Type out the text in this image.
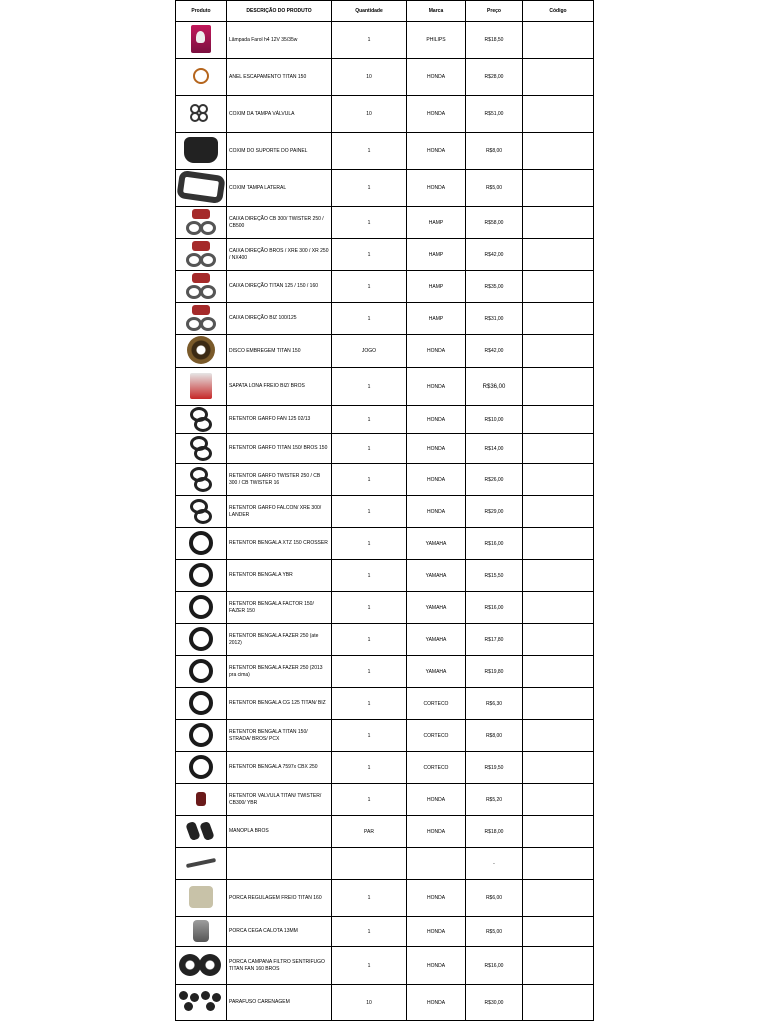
Produto	DESCRIÇÃO DO PRODUTO	Quantidade	Marca	Preço	Código
	Lâmpada Farol h4 12V 35/35w	1	PHILIPS	R$18,50	
	ANEL ESCAPAMENTO TITAN 150	10	HONDA	R$28,00	

	COXIM DA TAMPA VÁLVULA	10	HONDA	R$51,00	
	COXIM DO SUPORTE DO PAINEL	1	HONDA	R$8,00	
	COXIM TAMPA LATERAL	1	HONDA	R$5,00	

	CAIXA DIREÇÃO CB 300/ TWISTER 250 / CB500	1	HAMP	R$58,00	

	CAIXA DIREÇÃO BROS / XRE 300 / XR 250 / NX400	1	HAMP	R$42,00	

	CAIXA DIREÇÃO TITAN 125 / 150 / 160	1	HAMP	R$35,00	

	CAIXA DIREÇÃO BIZ 100/125	1	HAMP	R$31,00	
	DISCO EMBREGEM TITAN 150	JOGO	HONDA	R$42,00	
	SAPATA LONA FREIO BIZ/ BROS	1	HONDA	R$36,00	

	RETENTOR GARFO FAN 125 02/13	1	HONDA	R$10,00	

	RETENTOR GARFO TITAN 150/ BROS 150	1	HONDA	R$14,00	

	RETENTOR GARFO TWISTER 250 / CB 300 / CB TWISTER 16	1	HONDA	R$26,00	

	RETENTOR GARFO FALCON/ XRE 300/ LANDER	1	HONDA	R$29,00	
	RETENTOR BENGALA XTZ 150 CROSSER	1	YAMAHA	R$16,00	
	RETENTOR BENGALA YBR	1	YAMAHA	R$15,50	
	RETENTOR BENGALA FACTOR 150/ FAZER 150	1	YAMAHA	R$16,00	
	RETENTOR BENGALA FAZER 250 (ate 2012)	1	YAMAHA	R$17,80	
	RETENTOR BENGALA FAZER 250 (2013 pra cima)	1	YAMAHA	R$19,80	
	RETENTOR BENGALA CG 125 TITAN/ BIZ	1	CORTECO	R$6,30	
	RETENTOR BENGALA TITAN 150/ STRADA/ BROS/ PCX	1	CORTECO	R$8,00	
	RETENTOR BENGALA 7597x CBX 250	1	CORTECO	R$19,50	
	RETENTOR VALVULA TITAN/ TWISTER/ CB300/ YBR	1	HONDA	R$5,20	

	MANOPLA BROS	PAR	HONDA	R$18,00	
				-	
	PORCA REGULAGEM FREIO TITAN 160	1	HONDA	R$6,00	
	PORCA CEGA CALOTA 13MM	1	HONDA	R$5,00	

	PORCA CAMPANA FILTRO SENTRIFUGO TITAN FAN 160 BROS	1	HONDA	R$16,00	

	PARAFUSO CARENAGEM	10	HONDA	R$30,00	
